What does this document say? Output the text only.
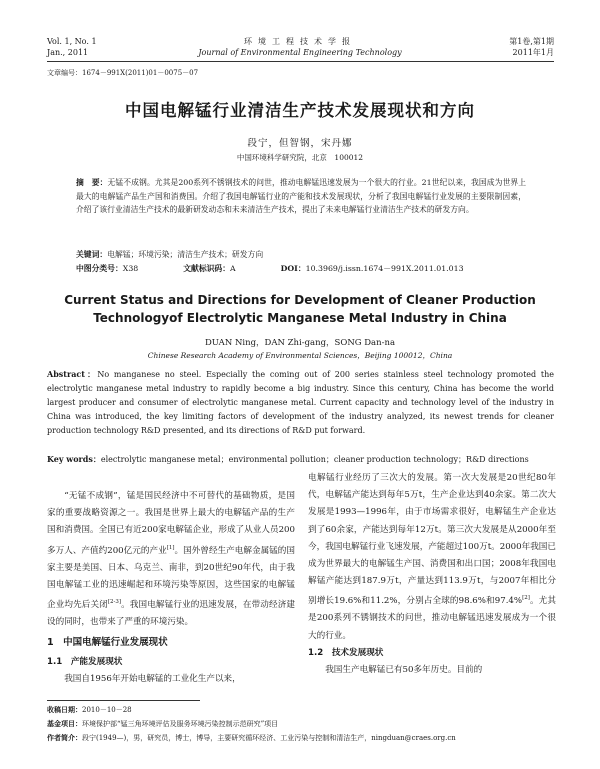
Vol. 1, No. 1
Jan., 2011
环境工程技术学报
Journal of Environmental Engineering Technology
第1卷,第1期
2011年1月
文章编号：1674－991X(2011)01－0075－07
中国电解锰行业清洁生产技术发展现状和方向
段宁，但智钢，宋丹娜
中国环境科学研究院，北京　100012
摘　要：无锰不成钢。尤其是200系列不锈钢技术的问世，推动电解锰迅速发展为一个很大的行业。21世纪以来，我国成为世界上最大的电解锰产品生产国和消费国。介绍了我国电解锰行业的产能和技术发展现状，分析了我国电解锰行业发展的主要限制因素，介绍了该行业清洁生产技术的最新研发动态和未来清洁生产技术，提出了未来电解锰行业清洁生产技术的研发方向。
关键词：电解锰；环境污染；清洁生产技术；研发方向
中图分类号：X38	文献标识码：A	DOI：10.3969/j.issn.1674－991X.2011.01.013
Current Status and Directions for Development of Cleaner Production
Technologyof Electrolytic Manganese Metal Industry in China
DUAN Ning，DAN Zhi-gang，SONG Dan-na
Chinese Research Academy of Environmental Sciences，Beijing 100012，China
Abstract：No manganese no steel. Especially the coming out of 200 series stainless steel technology promoted the electrolytic manganese metal industry to rapidly become a big industry. Since this century, China has become the world largest producer and consumer of electrolytic manganese metal. Current capacity and technology level of the industry in China was introduced, the key limiting factors of development of the industry analyzed, its newest trends for cleaner production technology R&D presented, and its directions of R&D put forward.
Key words：electrolytic manganese metal；environmental pollution；cleaner production technology；R&D directions

“无锰不成钢”，锰是国民经济中不可替代的基础物质，是国家的重要战略资源之一。我国是世界上最大的电解锰产品的生产国和消费国。全国已有近200家电解锰企业，形成了从业人员200多万人、产值约200亿元的产业[1]。国外曾经生产电解金属锰的国家主要是美国、日本、乌克兰、南非，到20世纪90年代，由于我国电解锰工业的迅速崛起和环境污染等原因，这些国家的电解锰企业均先后关闭[2-3]。我国电解锰行业的迅速发展，在带动经济建设的同时，也带来了严重的环境污染。

1　中国电解锰行业发展现状
1.1　产能发展现状

我国自1956年开始电解锰的工业化生产以来，

电解锰行业经历了三次大的发展。第一次大发展是20世纪80年代，电解锰产能达到每年5万t，生产企业达到40余家。第二次大发展是1993—1996年，由于市场需求很好，电解锰生产企业达到了60余家，产能达到每年12万t。第三次大发展是从2000年至今，我国电解锰行业飞速发展，产能超过100万t。2000年我国已成为世界最大的电解锰生产国、消费国和出口国；2008年我国电解锰产能达到187.9万t，产量达到113.9万t，与2007年相比分别增长19.6%和11.2%，分别占全球的98.6%和97.4%[2]。尤其是200系列不锈钢技术的问世，推动电解锰迅速发展成为一个很大的行业。

1.2　技术发展现状

我国生产电解锰已有50多年历史。目前的

收稿日期：2010－10－28
基金项目：环境保护部“锰三角环境评估及服务环境污染控制示范研究”项目
作者简介：段宁(1949—)，男，研究员，博士，博导，主要研究循环经济、工业污染与控制和清洁生产，ningduan@craes.org.cn
